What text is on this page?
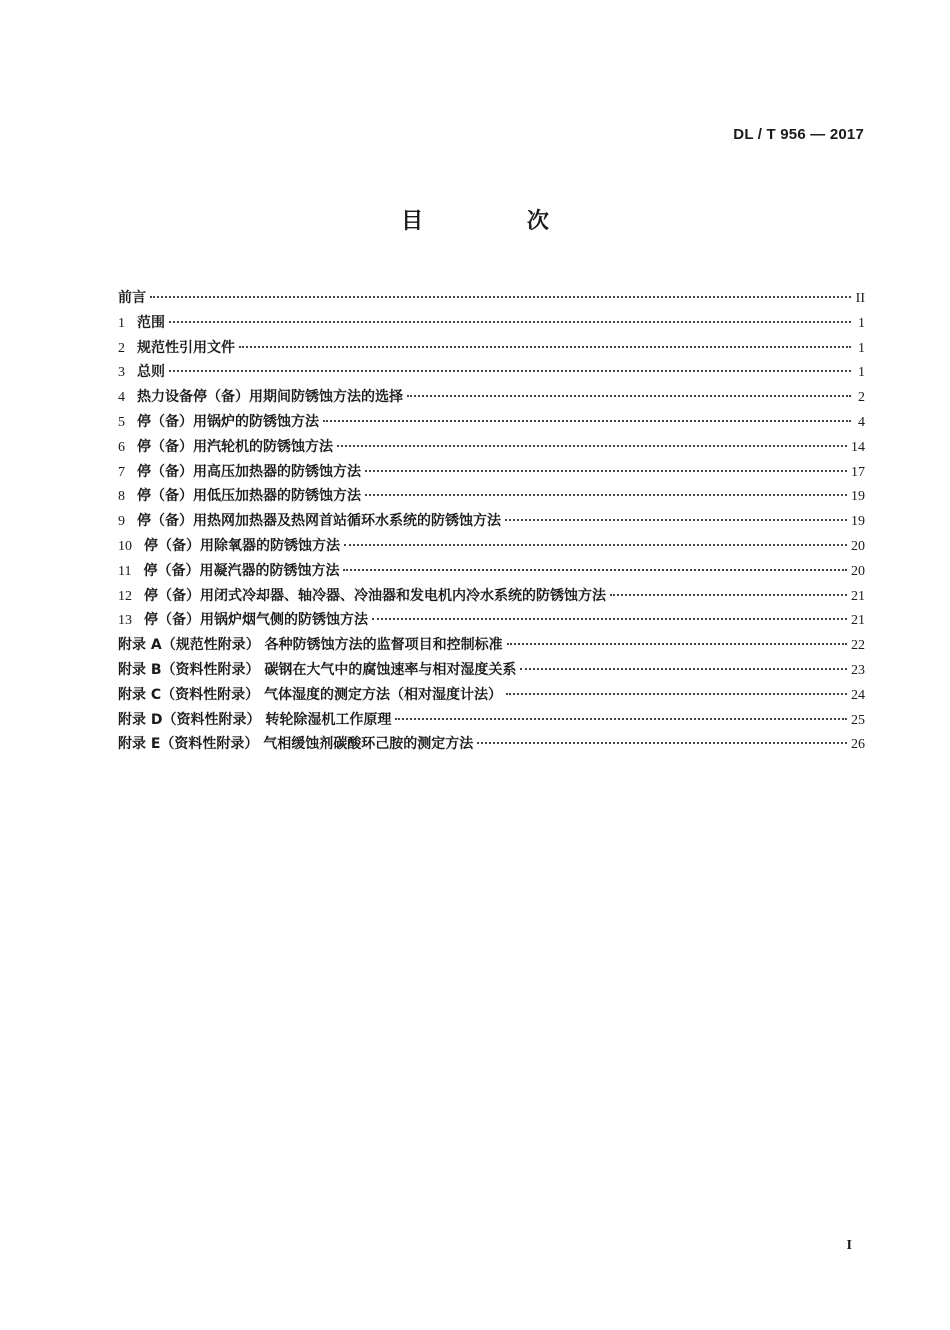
DL / T 956 — 2017
目 次
前言	II
1 范围	1
2 规范性引用文件	1
3 总则	1
4 热力设备停（备）用期间防锈蚀方法的选择	2
5 停（备）用锅炉的防锈蚀方法	4
6 停（备）用汽轮机的防锈蚀方法	14
7 停（备）用高压加热器的防锈蚀方法	17
8 停（备）用低压加热器的防锈蚀方法	19
9 停（备）用热网加热器及热网首站循环水系统的防锈蚀方法	19
10 停（备）用除氧器的防锈蚀方法	20
11 停（备）用凝汽器的防锈蚀方法	20
12 停（备）用闭式冷却器、轴冷器、冷油器和发电机内冷水系统的防锈蚀方法	21
13 停（备）用锅炉烟气侧的防锈蚀方法	21
附录 A（规范性附录） 各种防锈蚀方法的监督项目和控制标准	22
附录 B（资料性附录） 碳钢在大气中的腐蚀速率与相对湿度关系	23
附录 C（资料性附录） 气体湿度的测定方法（相对湿度计法）	24
附录 D（资料性附录） 转轮除湿机工作原理	25
附录 E（资料性附录） 气相缓蚀剂碳酸环己胺的测定方法	26
I
